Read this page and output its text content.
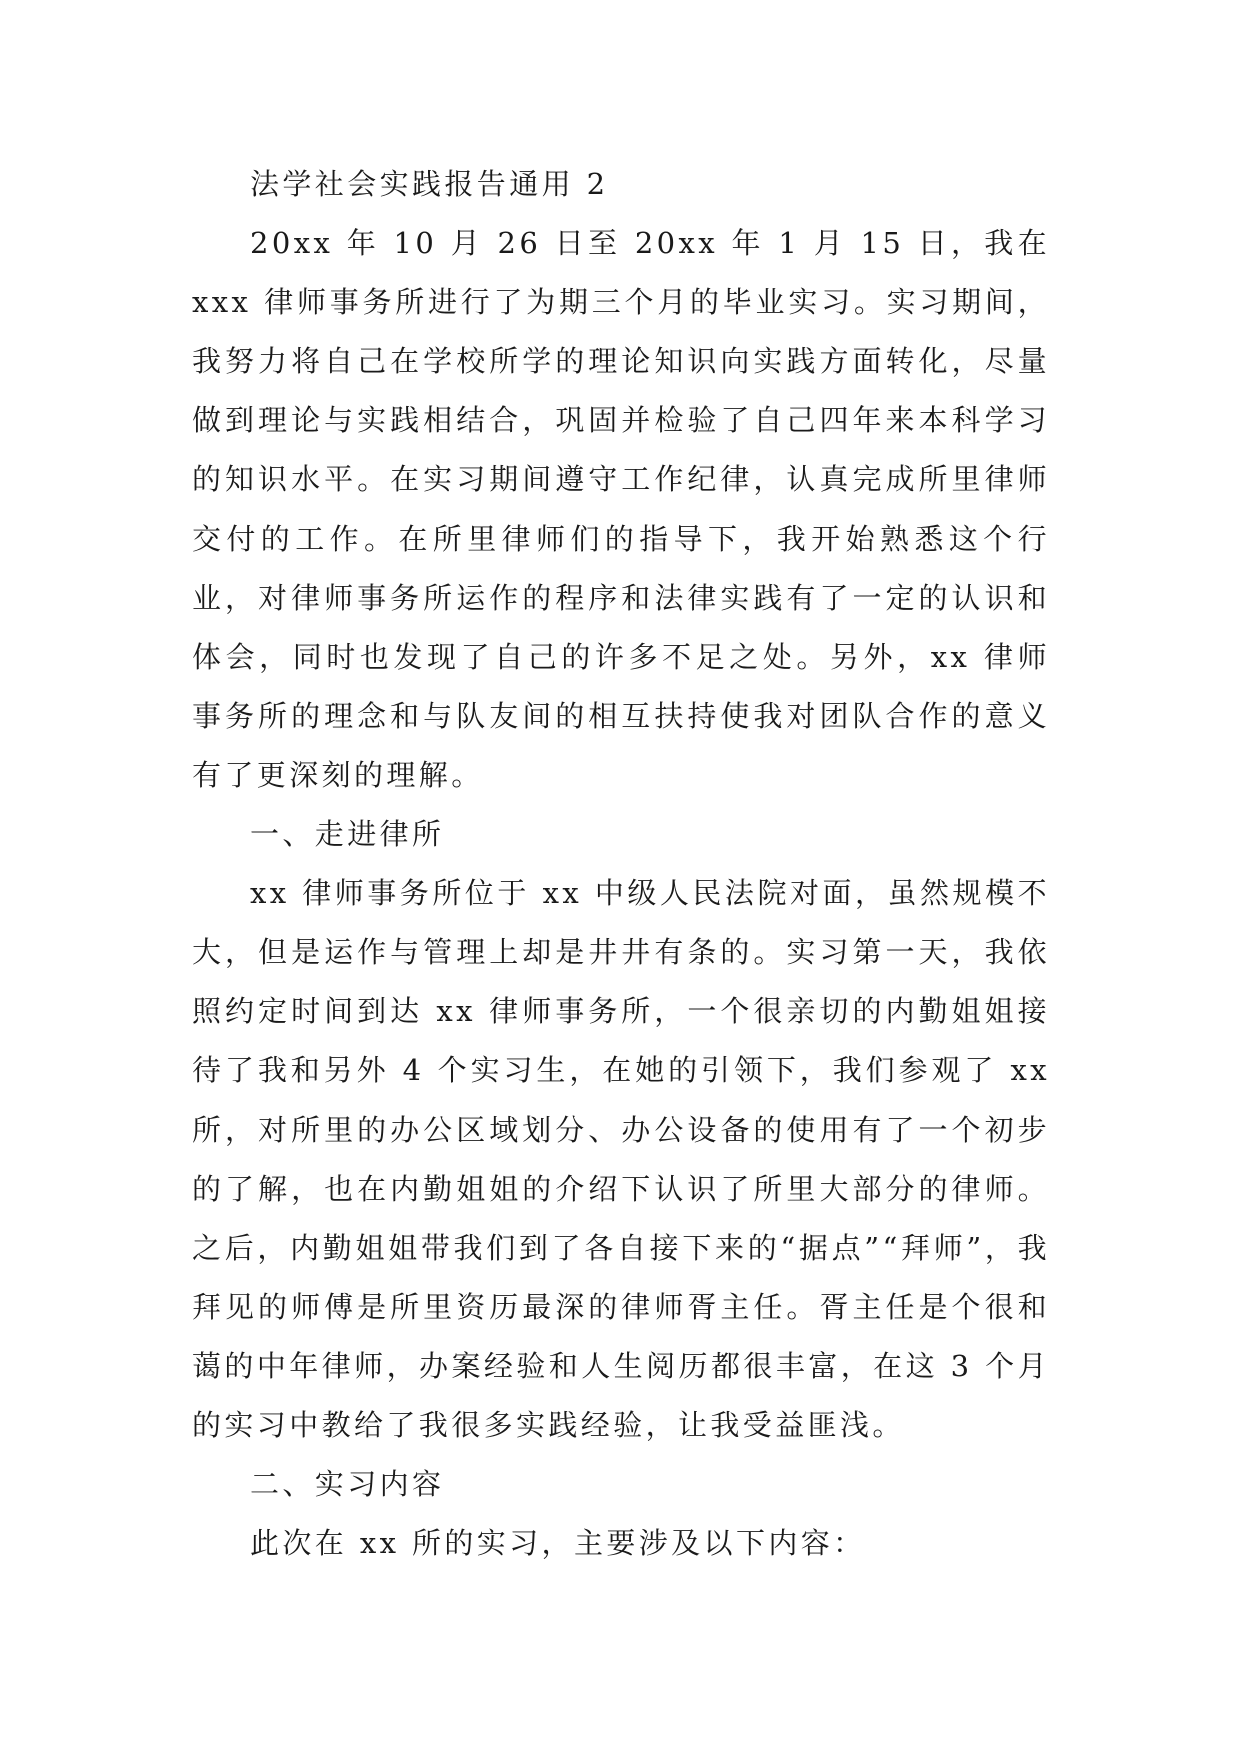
法学社会实践报告通用 2

20xx 年 10 月 26 日至 20xx 年 1 月 15 日，我在 xxx 律师事务所进行了为期三个月的毕业实习。实习期间，我努力将自己在学校所学的理论知识向实践方面转化，尽量做到理论与实践相结合，巩固并检验了自己四年来本科学习的知识水平。在实习期间遵守工作纪律，认真完成所里律师交付的工作。在所里律师们的指导下，我开始熟悉这个行业，对律师事务所运作的程序和法律实践有了一定的认识和体会，同时也发现了自己的许多不足之处。另外，xx 律师事务所的理念和与队友间的相互扶持使我对团队合作的意义有了更深刻的理解。

一、走进律所

xx 律师事务所位于 xx 中级人民法院对面，虽然规模不大，但是运作与管理上却是井井有条的。实习第一天，我依照约定时间到达 xx 律师事务所，一个很亲切的内勤姐姐接待了我和另外 4 个实习生，在她的引领下，我们参观了 xx 所，对所里的办公区域划分、办公设备的使用有了一个初步的了解，也在内勤姐姐的介绍下认识了所里大部分的律师。之后，内勤姐姐带我们到了各自接下来的“据点”“拜师”，我拜见的师傅是所里资历最深的律师胥主任。胥主任是个很和蔼的中年律师，办案经验和人生阅历都很丰富，在这 3 个月的实习中教给了我很多实践经验，让我受益匪浅。

二、实习内容

此次在 xx 所的实习，主要涉及以下内容：
